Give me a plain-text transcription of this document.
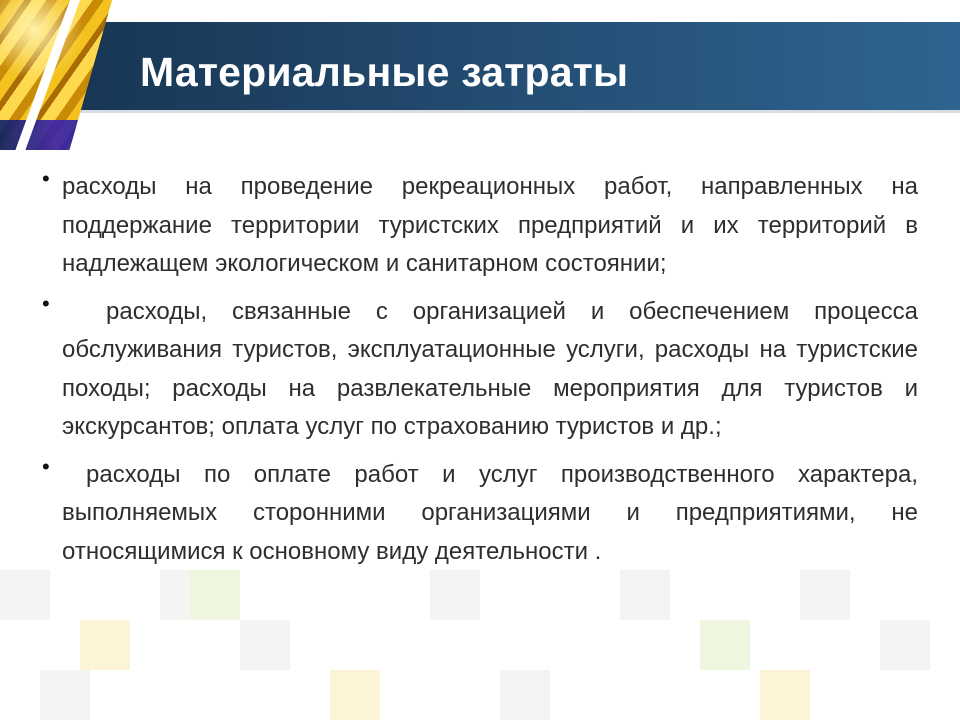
Материальные затраты

• расходы на проведение рекреационных работ, направленных на поддержание территории туристских предприятий и их территорий в надлежащем экологическом и санитарном состоянии;

• расходы, связанные с организацией и обеспечением процесса обслуживания туристов, эксплуатационные услуги, расходы на туристские походы; расходы на развлекательные мероприятия для туристов и экскурсантов; оплата услуг по страхованию туристов и др.;

• расходы по оплате работ и услуг производственного характера, выполняемых сторонними организациями и предприятиями, не относящимися к основному виду деятельности .
